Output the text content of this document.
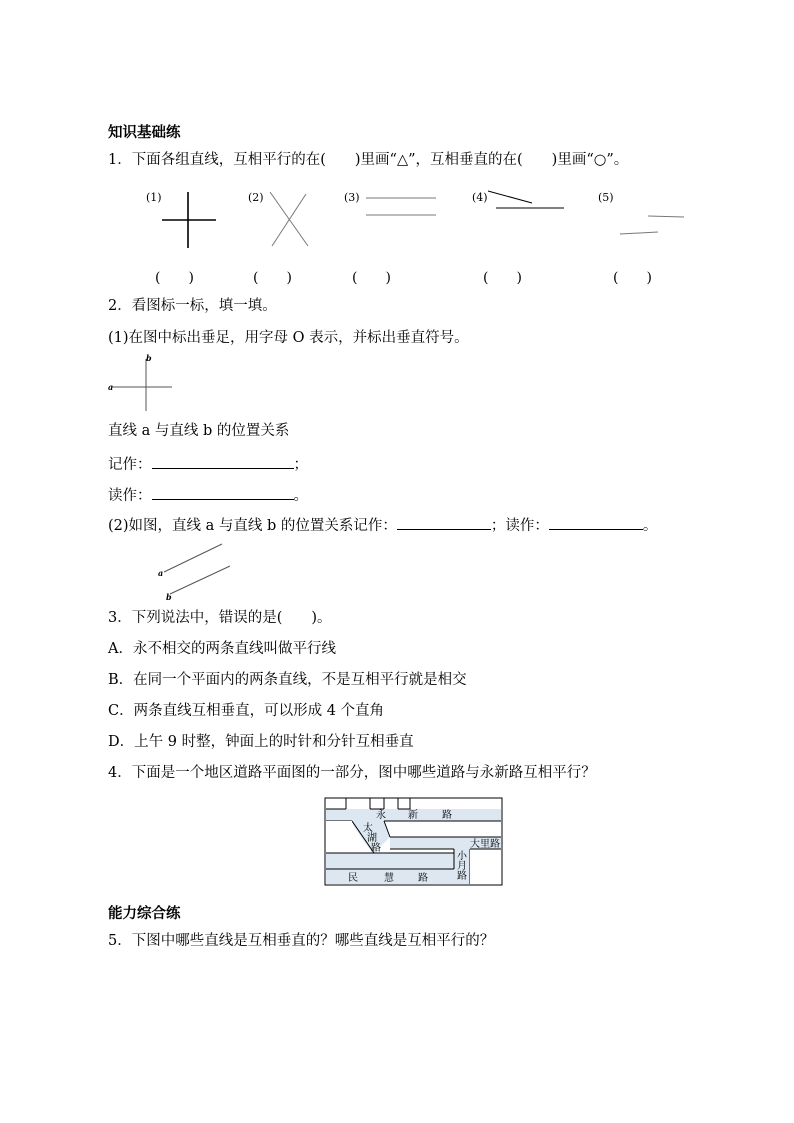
知识基础练
1．下面各组直线，互相平行的在(　　)里画“△”，互相垂直的在(　　)里画“○”。
(1)	(2)	(3)	(4)	(5)
(　　)	(　　)	(　　)	(　　)	(　　)
2．看图标一标，填一填。
(1)在图中标出垂足，用字母 O 表示，并标出垂直符号。
b
a
直线 a 与直线 b 的位置关系
记作：	；
读作：	。
(2)如图，直线 a 与直线 b 的位置关系记作：	；读作：	。
a
b
3．下列说法中，错误的是(　　)。
A．永不相交的两条直线叫做平行线
B．在同一个平面内的两条直线，不是互相平行就是相交
C．两条直线互相垂直，可以形成 4 个直角
D．上午 9 时整，钟面上的时针和分针互相垂直
4．下面是一个地区道路平面图的一部分，图中哪些道路与永新路互相平行？
永 新 路
太
湖
路	大里路
小
月
路
民	慧 路
能力综合练
5．下图中哪些直线是互相垂直的？哪些直线是互相平行的？
